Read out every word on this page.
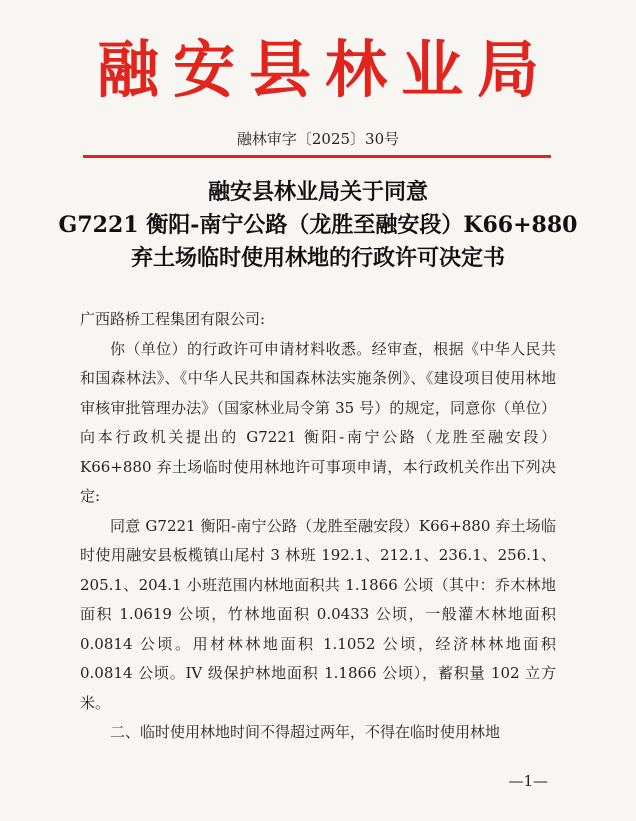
融安县林业局
融林审字〔2025〕30号
融安县林业局关于同意
G7221 衡阳-南宁公路（龙胜至融安段）K66+880
弃土场临时使用林地的行政许可决定书

广西路桥工程集团有限公司:

你（单位）的行政许可申请材料收悉。经审查，根据《中华人民共和国森林法》、《中华人民共和国森林法实施条例》、《建设项目使用林地审核审批管理办法》（国家林业局令第 35 号）的规定，同意你（单位）向本行政机关提出的 G7221 衡阳-南宁公路（龙胜至融安段）K66+880 弃土场临时使用林地许可事项申请，本行政机关作出下列决定:

同意 G7221 衡阳-南宁公路（龙胜至融安段）K66+880 弃土场临时使用融安县板榄镇山尾村 3 林班 192.1、212.1、236.1、256.1、205.1、204.1 小班范围内林地面积共 1.1866 公顷（其中：乔木林地面积 1.0619 公顷，竹林地面积 0.0433 公顷，一般灌木林地面积 0.0814 公顷。用材林林地面积 1.1052 公顷，经济林林地面积 0.0814 公顷。IV 级保护林地面积 1.1866 公顷），蓄积量 102 立方米。

二、临时使用林地时间不得超过两年，不得在临时使用林地

—1—
